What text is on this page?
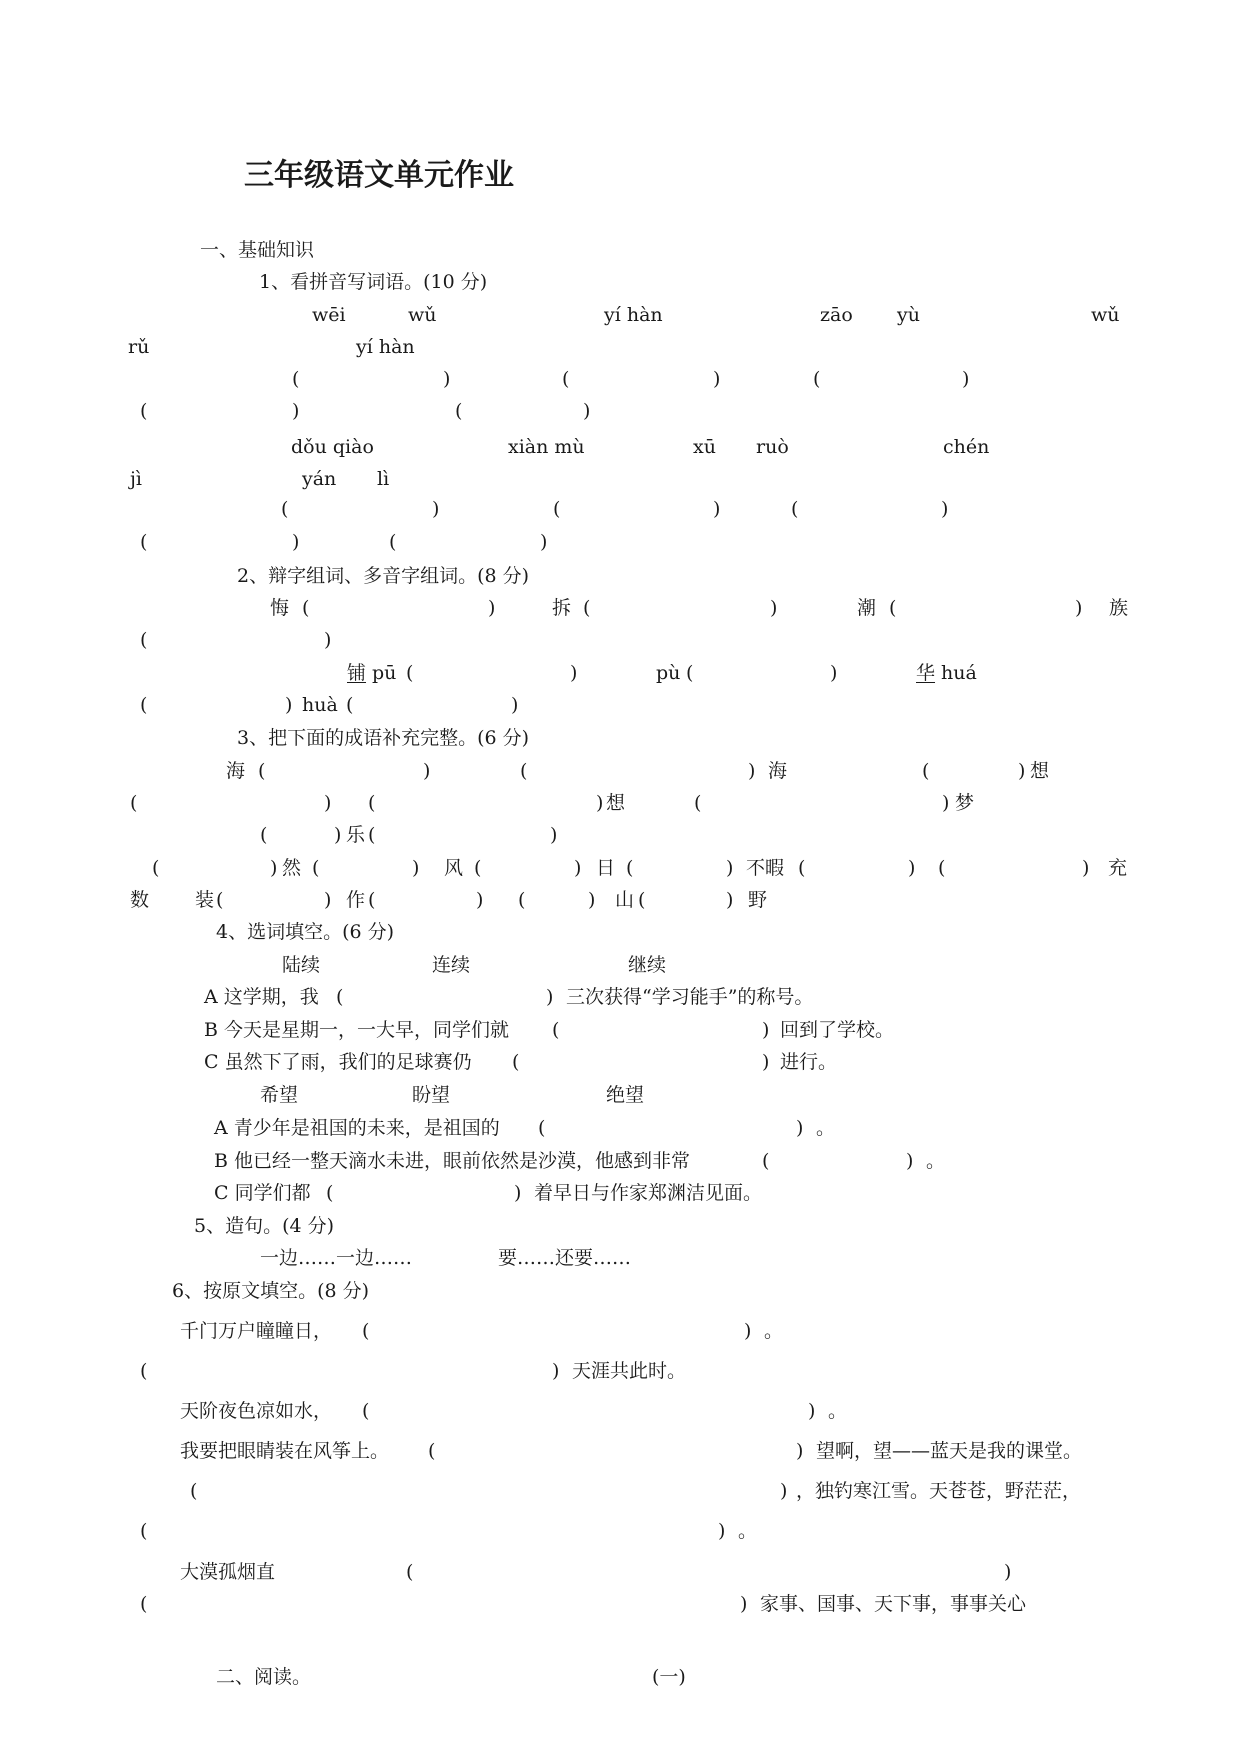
三年级语文单元作业
一、基础知识
1、看拼音写词语。(10 分)
wēi	wǔ	yí hàn	zāo yù	wǔ
rǔ	yí hàn
(	)	(	)	(	)
(	)	(	)
dǒu qiào	xiàn mù	xū ruò	chén
jì	yán lì
(	)	(	)	(	)
(	)	(	)
2、辩字组词、多音字组词。(8 分)
悔 (	)	拆 (	)	潮 (	) 族
(	)
铺 pū (	)	pù (	)	华 huá
(	) huà (	)
3、把下面的成语补充完整。(6 分)
海 (	)	(	) 海	(	) 想
(	) (	) 想	(	) 梦
(	) 乐 (	)
(	) 然 (	) 风 (	) 日 (	) 不暇 (	) (	) 充
数 装 (	) 作 (	) (	) 山 (	) 野
4、选词填空。(6 分)
陆续	连续	继续
A 这学期，我 (	) 三次获得“学习能手”的称号。
B 今天是星期一，一大早，同学们就 (	) 回到了学校。
C 虽然下了雨，我们的足球赛仍 (	) 进行。
希望	盼望	绝望
A 青少年是祖国的未来，是祖国的 (	) 。
B 他已经一整天滴水未进，眼前依然是沙漠，他感到非常	(	) 。
C 同学们都 (	) 着早日与作家郑渊洁见面。
5、造句。(4 分)
一边……一边……	要……还要……
6、按原文填空。(8 分)
千门万户瞳瞳日， (	) 。
(	) 天涯共此时。
天阶夜色凉如水， (	) 。
我要把眼睛装在风筝上。 (	) 望啊，望——蓝天是我的课堂。
(	) ，独钓寒江雪。天苍苍，野茫茫，
(	) 。
大漠孤烟直	(	)
(	) 家事、国事、天下事，事事关心
二、阅读。	(一)
